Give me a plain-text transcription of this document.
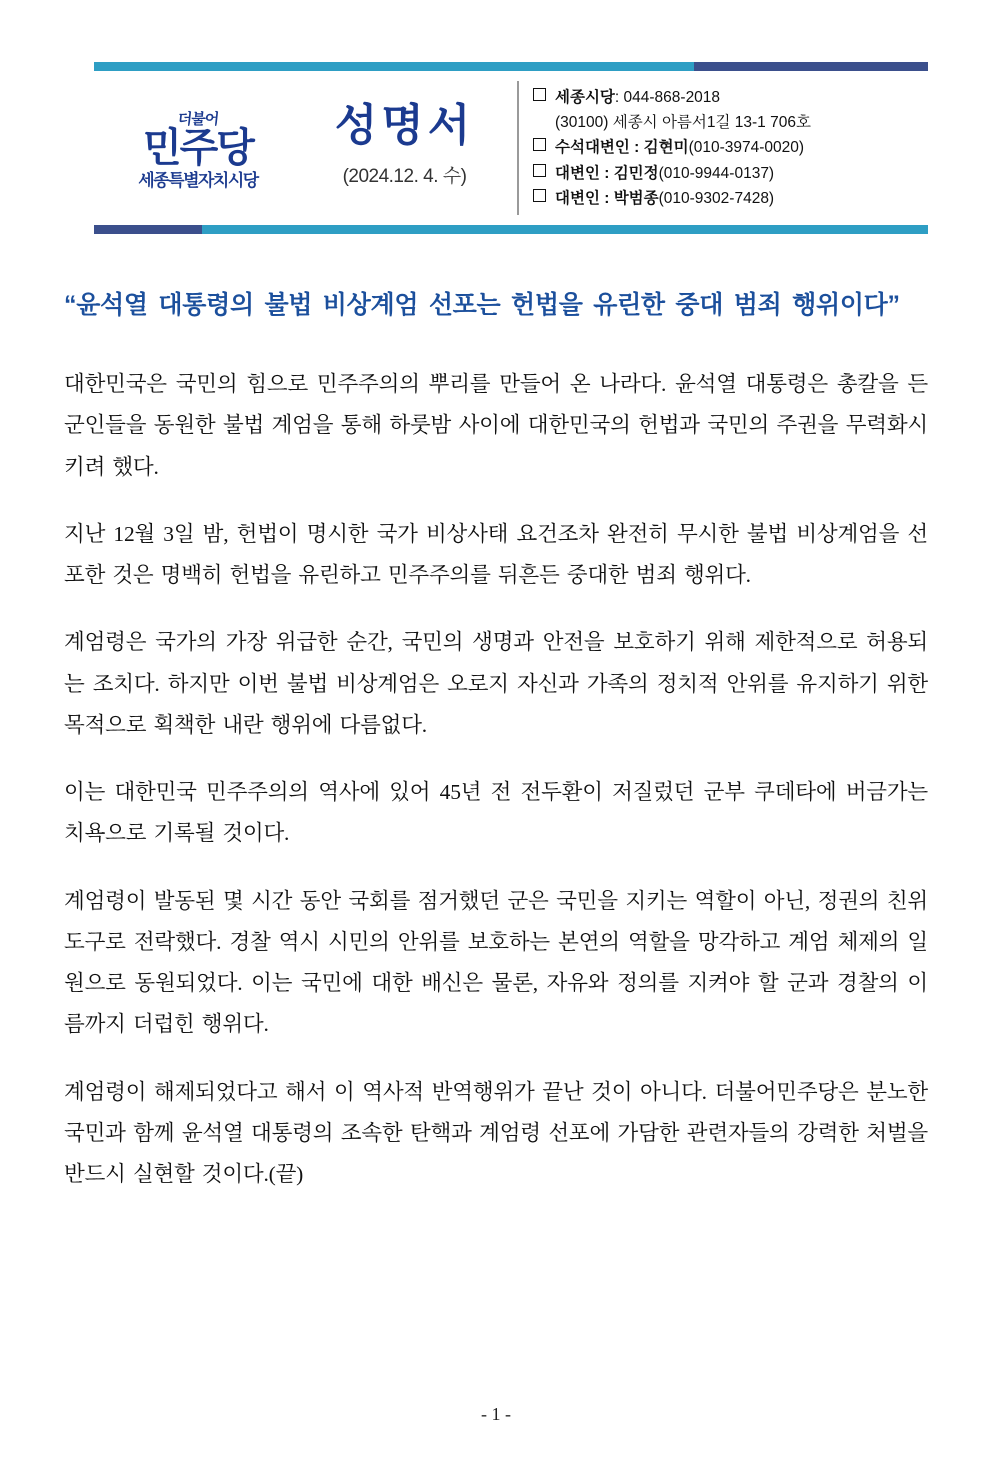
더불어
민주당
세종특별자치시당
성명서
(2024.12. 4. 수)
세종시당 : 044-868-2018
(30100) 세종시 아름서1길 13-1 706호
수석대변인 : 김현미 (010-3974-0020)
대변인 : 김민정 (010-9944-0137)
대변인 : 박범종 (010-9302-7428)
“윤석열 대통령의 불법 비상계엄 선포는 헌법을 유린한 중대 범죄 행위이다”

대한민국은 국민의 힘으로 민주주의의 뿌리를 만들어 온 나라다. 윤석열 대통령은 총칼을 든 군인들을 동원한 불법 계엄을 통해 하룻밤 사이에 대한민국의 헌법과 국민의 주권을 무력화시키려 했다.

지난 12월 3일 밤, 헌법이 명시한 국가 비상사태 요건조차 완전히 무시한 불법 비상계엄을 선포한 것은 명백히 헌법을 유린하고 민주주의를 뒤흔든 중대한 범죄 행위다.

계엄령은 국가의 가장 위급한 순간, 국민의 생명과 안전을 보호하기 위해 제한적으로 허용되는 조치다. 하지만 이번 불법 비상계엄은 오로지 자신과 가족의 정치적 안위를 유지하기 위한 목적으로 획책한 내란 행위에 다름없다.

이는 대한민국 민주주의의 역사에 있어 45년 전 전두환이 저질렀던 군부 쿠데타에 버금가는 치욕으로 기록될 것이다.

계엄령이 발동된 몇 시간 동안 국회를 점거했던 군은 국민을 지키는 역할이 아닌, 정권의 친위 도구로 전락했다. 경찰 역시 시민의 안위를 보호하는 본연의 역할을 망각하고 계엄 체제의 일원으로 동원되었다. 이는 국민에 대한 배신은 물론, 자유와 정의를 지켜야 할 군과 경찰의 이름까지 더럽힌 행위다.

계엄령이 해제되었다고 해서 이 역사적 반역행위가 끝난 것이 아니다. 더불어민주당은 분노한 국민과 함께 윤석열 대통령의 조속한 탄핵과 계엄령 선포에 가담한 관련자들의 강력한 처벌을 반드시 실현할 것이다.(끝)

- 1 -
